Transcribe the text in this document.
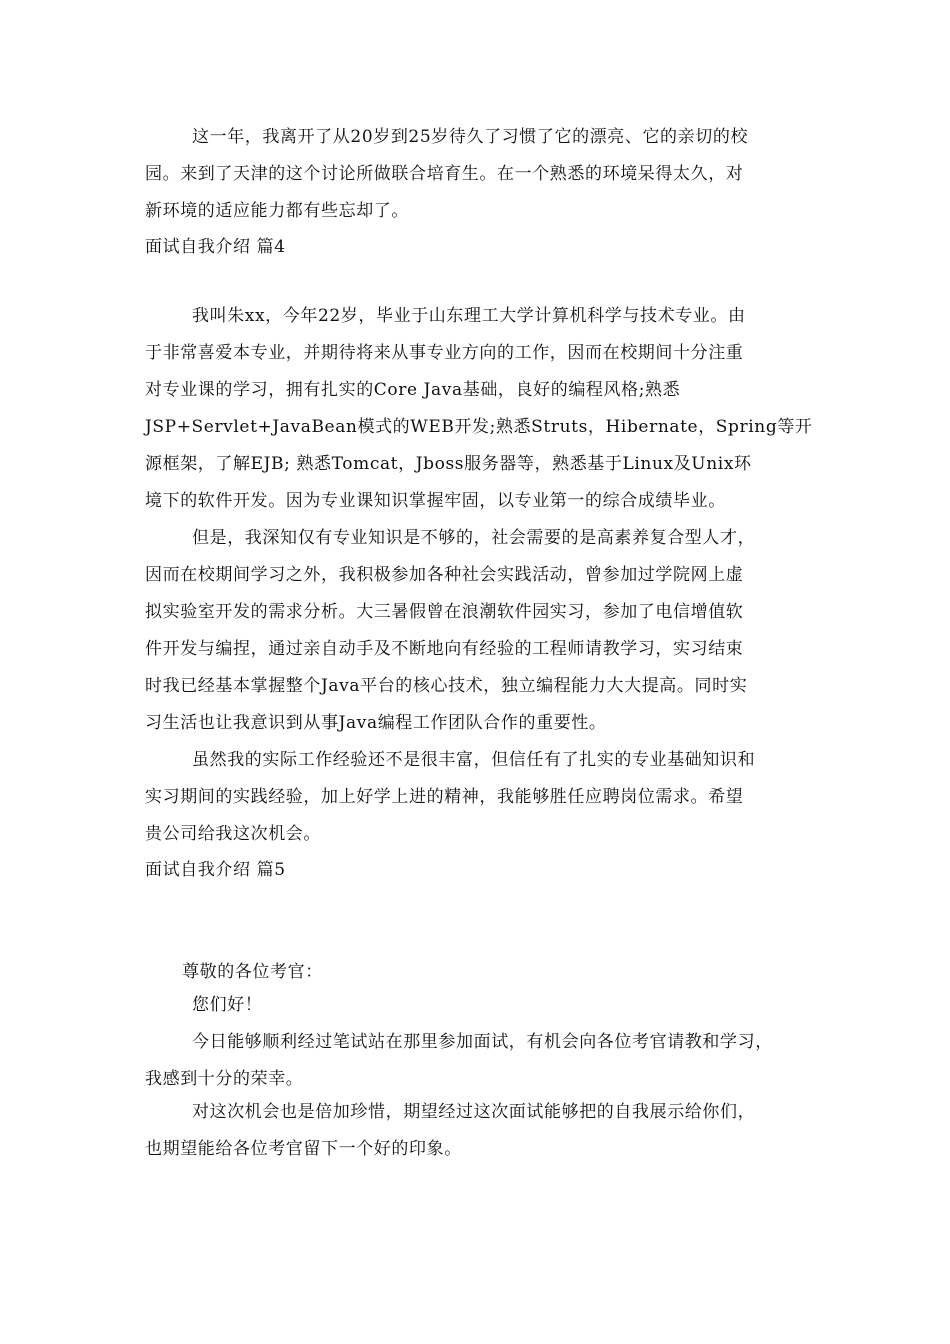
这一年，我离开了从20岁到25岁待久了习惯了它的漂亮、它的亲切的校
园。来到了天津的这个讨论所做联合培育生。在一个熟悉的环境呆得太久，对
新环境的适应能力都有些忘却了。
面试自我介绍 篇4
我叫朱xx，今年22岁，毕业于山东理工大学计算机科学与技术专业。由
于非常喜爱本专业，并期待将来从事专业方向的工作，因而在校期间十分注重
对专业课的学习，拥有扎实的Core Java基础，良好的编程风格;熟悉
JSP+Servlet+JavaBean模式的WEB开发;熟悉Struts，Hibernate，Spring等开
源框架，了解EJB; 熟悉Tomcat，Jboss服务器等，熟悉基于Linux及Unix环
境下的软件开发。因为专业课知识掌握牢固，以专业第一的综合成绩毕业。
但是，我深知仅有专业知识是不够的，社会需要的是高素养复合型人才，
因而在校期间学习之外，我积极参加各种社会实践活动，曾参加过学院网上虚
拟实验室开发的需求分析。大三暑假曾在浪潮软件园实习，参加了电信增值软
件开发与编捏，通过亲自动手及不断地向有经验的工程师请教学习，实习结束
时我已经基本掌握整个Java平台的核心技术，独立编程能力大大提高。同时实
习生活也让我意识到从事Java编程工作团队合作的重要性。
虽然我的实际工作经验还不是很丰富，但信任有了扎实的专业基础知识和
实习期间的实践经验，加上好学上进的精神，我能够胜任应聘岗位需求。希望
贵公司给我这次机会。
面试自我介绍 篇5
尊敬的各位考官：
您们好！
今日能够顺利经过笔试站在那里参加面试，有机会向各位考官请教和学习，
我感到十分的荣幸。
对这次机会也是倍加珍惜，期望经过这次面试能够把的自我展示给你们，
也期望能给各位考官留下一个好的印象。
